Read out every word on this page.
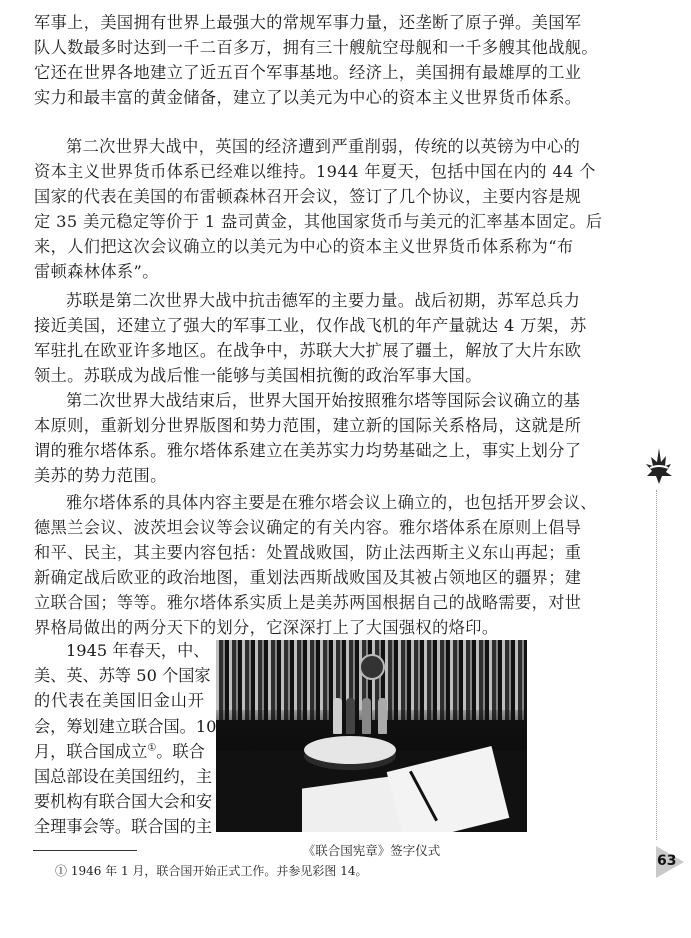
军事上，美国拥有世界上最强大的常规军事力量，还垄断了原子弹。美国军
队人数最多时达到一千二百多万，拥有三十艘航空母舰和一千多艘其他战舰。
它还在世界各地建立了近五百个军事基地。经济上，美国拥有最雄厚的工业
实力和最丰富的黄金储备，建立了以美元为中心的资本主义世界货币体系。
第二次世界大战中，英国的经济遭到严重削弱，传统的以英镑为中心的
资本主义世界货币体系已经难以维持。1944 年夏天，包括中国在内的 44 个
国家的代表在美国的布雷顿森林召开会议，签订了几个协议，主要内容是规
定 35 美元稳定等价于 1 盎司黄金，其他国家货币与美元的汇率基本固定。后
来，人们把这次会议确立的以美元为中心的资本主义世界货币体系称为“布
雷顿森林体系”。
苏联是第二次世界大战中抗击德军的主要力量。战后初期，苏军总兵力
接近美国，还建立了强大的军事工业，仅作战飞机的年产量就达 4 万架，苏
军驻扎在欧亚许多地区。在战争中，苏联大大扩展了疆土，解放了大片东欧
领土。苏联成为战后惟一能够与美国相抗衡的政治军事大国。
第二次世界大战结束后，世界大国开始按照雅尔塔等国际会议确立的基
本原则，重新划分世界版图和势力范围，建立新的国际关系格局，这就是所
谓的雅尔塔体系。雅尔塔体系建立在美苏实力均势基础之上，事实上划分了
美苏的势力范围。
雅尔塔体系的具体内容主要是在雅尔塔会议上确立的，也包括开罗会议、
德黑兰会议、波茨坦会议等会议确定的有关内容。雅尔塔体系在原则上倡导
和平、民主，其主要内容包括：处置战败国，防止法西斯主义东山再起；重
新确定战后欧亚的政治地图，重划法西斯战败国及其被占领地区的疆界；建
立联合国；等等。雅尔塔体系实质上是美苏两国根据自己的战略需要，对世
界格局做出的两分天下的划分，它深深打上了大国强权的烙印。
1945 年春天，中、
美、英、苏等 50 个国家
的代表在美国旧金山开
会，筹划建立联合国。10
月，联合国成立①。联合
国总部设在美国纽约，主
要机构有联合国大会和安
全理事会等。联合国的主
《联合国宪章》签字仪式
① 1946 年 1 月，联合国开始正式工作。并参见彩图 14。
63
